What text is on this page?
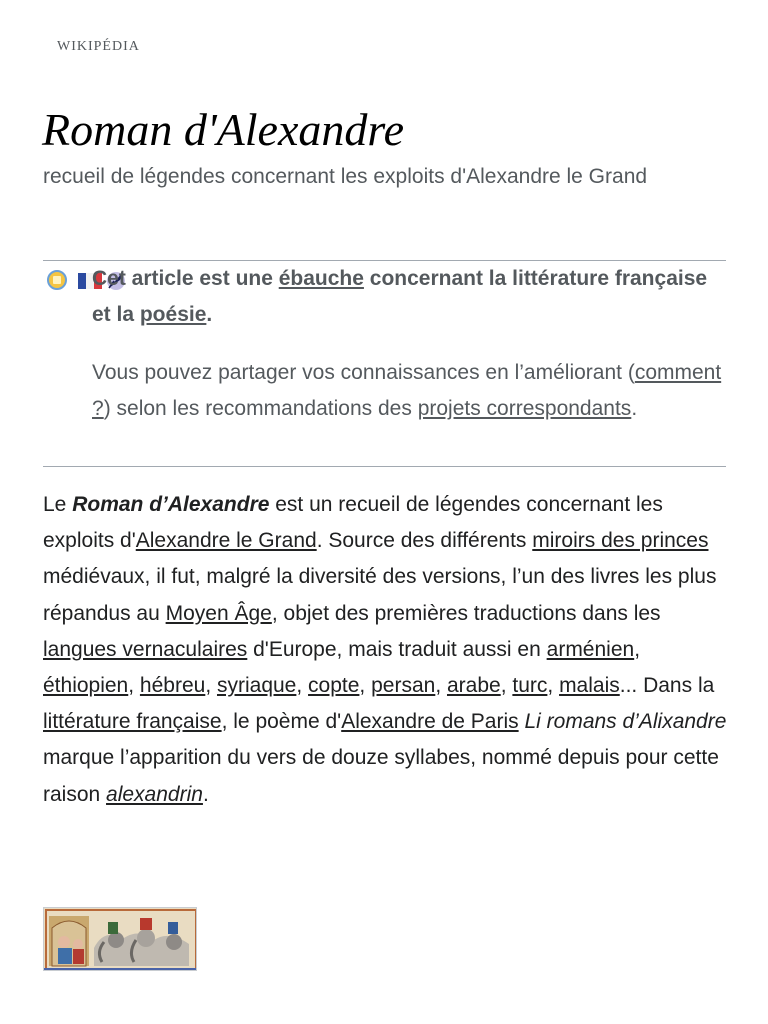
WIKIPÉDIA
Roman d'Alexandre
recueil de légendes concernant les exploits d'Alexandre le Grand

Cet article est une ébauche concernant la littérature française et la poésie.

Vous pouvez partager vos connaissances en l’améliorant (comment ?) selon les recommandations des projets correspondants.

Le Roman d’Alexandre est un recueil de légendes concernant les exploits d'Alexandre le Grand. Source des différents miroirs des princes médiévaux, il fut, malgré la diversité des versions, l’un des livres les plus répandus au Moyen Âge, objet des premières traductions dans les langues vernaculaires d'Europe, mais traduit aussi en arménien, éthiopien, hébreu, syriaque, copte, persan, arabe, turc, malais... Dans la littérature française, le poème d'Alexandre de Paris Li romans d’Alixandre marque l’apparition du vers de douze syllabes, nommé depuis pour cette raison alexandrin.
